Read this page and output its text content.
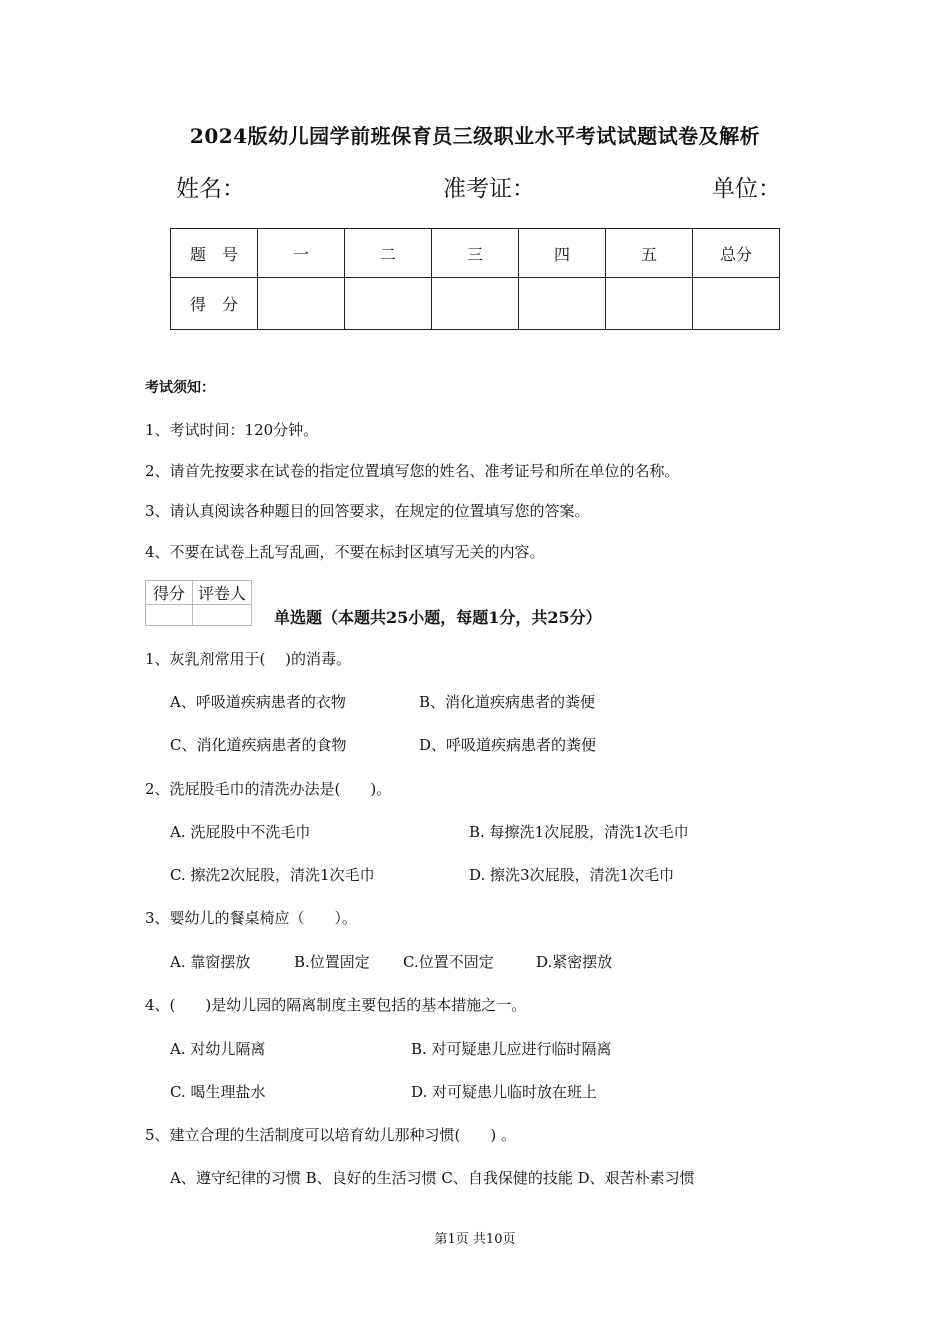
2024版幼儿园学前班保育员三级职业水平考试试题试卷及解析
姓名：	准考证：	单位：
题　号	一	二	三	四	五	总分
得　分						
考试须知：
1、考试时间：120分钟。
2、请首先按要求在试卷的指定位置填写您的姓名、准考证号和所在单位的名称。
3、请认真阅读各种题目的回答要求，在规定的位置填写您的答案。
4、不要在试卷上乱写乱画，不要在标封区填写无关的内容。
得分	评卷人

单选题（本题共25小题，每题1分，共25分）
1、灰乳剂常用于(　 )的消毒。
A、呼吸道疾病患者的衣物	B、消化道疾病患者的粪便
C、消化道疾病患者的食物	D、呼吸道疾病患者的粪便
2、洗屁股毛巾的清洗办法是(　　)。
A. 洗屁股中不洗毛巾	B. 每擦洗1次屁股，清洗1次毛巾
C. 擦洗2次屁股，清洗1次毛巾	D. 擦洗3次屁股，清洗1次毛巾
3、婴幼儿的餐桌椅应（　　）。
A. 靠窗摆放	B.位置固定 C.位置不固定	D.紧密摆放
4、(　　)是幼儿园的隔离制度主要包括的基本措施之一。
A. 对幼儿隔离	B. 对可疑患儿应进行临时隔离
C. 喝生理盐水	D. 对可疑患儿临时放在班上
5、建立合理的生活制度可以培育幼儿那种习惯(　　) 。
A、遵守纪律的习惯 B、良好的生活习惯 C、自我保健的技能 D、艰苦朴素习惯
第1页 共10页
